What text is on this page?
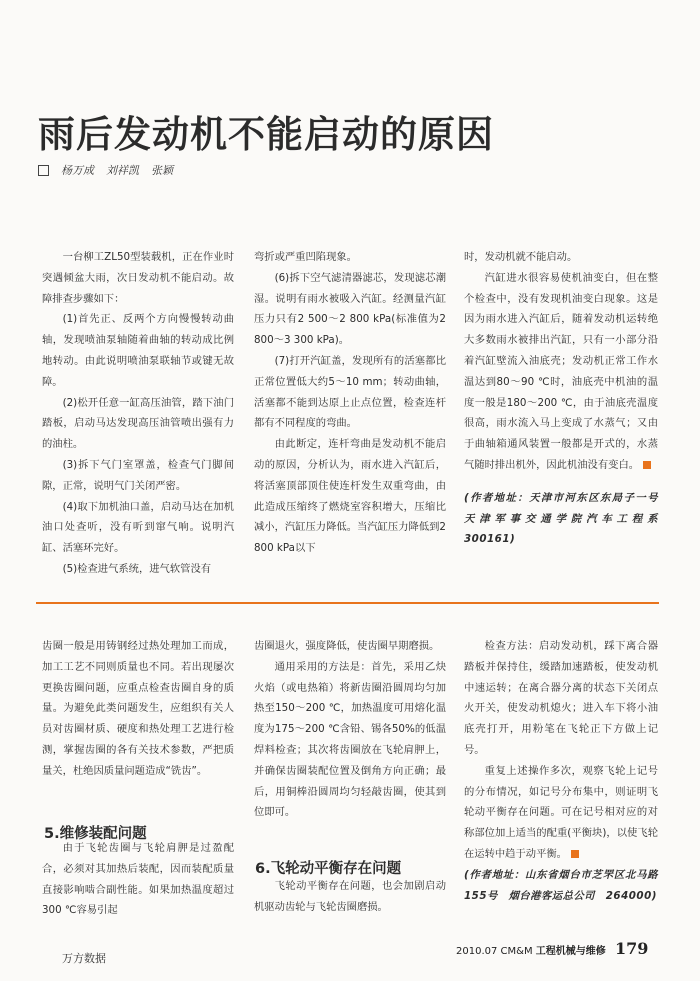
雨后发动机不能启动的原因
杨万成 刘祥凯 张颖

一台柳工ZL50型装载机，正在作业时突遇倾盆大雨，次日发动机不能启动。故障排查步骤如下：

(1)首先正、反两个方向慢慢转动曲轴，发现喷油泵轴随着曲轴的转动成比例地转动。由此说明喷油泵联轴节或键无故障。

(2)松开任意一缸高压油管，踏下油门踏板，启动马达发现高压油管喷出强有力的油柱。

(3)拆下气门室罩盖，检查气门脚间隙，正常，说明气门关闭严密。

(4)取下加机油口盖，启动马达在加机油口处查听，没有听到窜气响。说明汽缸、活塞环完好。

(5)检查进气系统，进气软管没有

弯折或严重凹陷现象。

(6)拆下空气滤清器滤芯，发现滤芯潮湿。说明有雨水被吸入汽缸。经测量汽缸压力只有2 500～2 800 kPa(标准值为2 800～3 300 kPa)。

(7)打开汽缸盖，发现所有的活塞都比正常位置低大约5～10 mm；转动曲轴，活塞都不能到达原上止点位置，检查连杆都有不同程度的弯曲。

由此断定，连杆弯曲是发动机不能启动的原因，分析认为，雨水进入汽缸后，将活塞顶部顶住使连杆发生双重弯曲，由此造成压缩终了燃烧室容积增大，压缩比减小，汽缸压力降低。当汽缸压力降低到2 800 kPa以下

时，发动机就不能启动。

汽缸进水很容易使机油变白，但在整个检查中，没有发现机油变白现象。这是因为雨水进入汽缸后，随着发动机运转绝大多数雨水被排出汽缸，只有一小部分沿着汽缸壁流入油底壳；发动机正常工作水温达到80～90 ℃时，油底壳中机油的温度一般是180～200 ℃，由于油底壳温度很高，雨水流入马上变成了水蒸气；又由于曲轴箱通风装置一般都是开式的，水蒸气随时排出机外，因此机油没有变白。

(作者地址：天津市河东区东局子一号　天津军事交通学院汽车工程系　300161)

齿圈一般是用铸钢经过热处理加工而成，加工工艺不同则质量也不同。若出现屡次更换齿圈问题，应重点检查齿圈自身的质量。为避免此类问题发生，应组织有关人员对齿圈材质、硬度和热处理工艺进行检测，掌握齿圈的各有关技术参数，严把质量关，杜绝因质量问题造成“铣齿”。

5.维修装配问题

由于飞轮齿圈与飞轮肩胛是过盈配合，必须对其加热后装配，因而装配质量直接影响啮合副性能。如果加热温度超过300 ℃容易引起

齿圈退火，强度降低，使齿圈早期磨损。

通用采用的方法是：首先，采用乙炔火焰（或电热箱）将新齿圈沿圆周均匀加热至150～200 ℃，加热温度可用熔化温度为175～200 ℃含铅、锡各50%的低温焊料检查；其次将齿圈放在飞轮肩胛上，并确保齿圈装配位置及倒角方向正确；最后，用铜棒沿圆周均匀轻敲齿圈，使其到位即可。

6.飞轮动平衡存在问题

飞轮动平衡存在问题，也会加剧启动机驱动齿轮与飞轮齿圈磨损。

检查方法：启动发动机，踩下离合器踏板并保持住，缓踏加速踏板，使发动机中速运转；在离合器分离的状态下关闭点火开关，使发动机熄火；进入车下将小油底壳打开，用粉笔在飞轮正下方做上记号。

重复上述操作多次，观察飞轮上记号的分布情况，如记号分布集中，则证明飞轮动平衡存在问题。可在记号相对应的对称部位加上适当的配重(平衡块)，以使飞轮在运转中趋于动平衡。

(作者地址：山东省烟台市芝罘区北马路155号　烟台港客运总公司　264000)

2010.07 CM&M 工程机械与维修 179
万方数据
